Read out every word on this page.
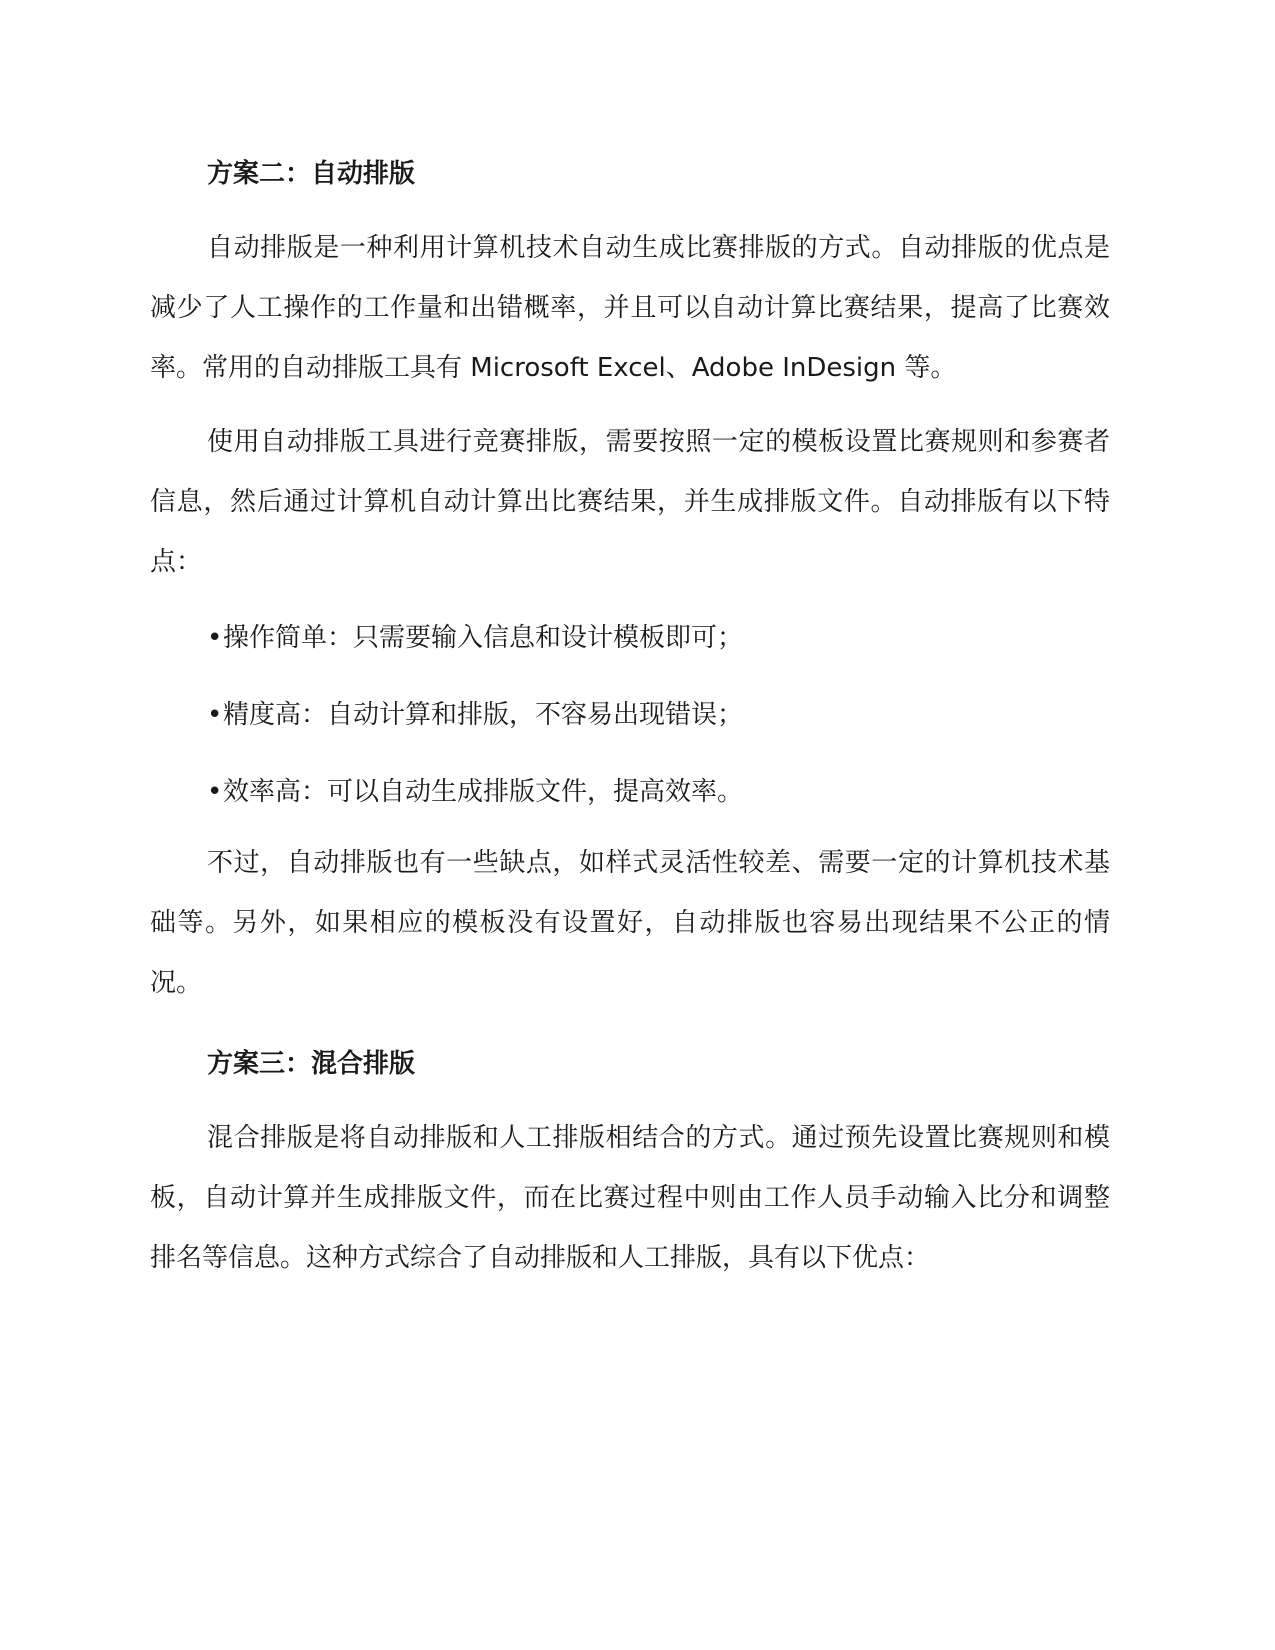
方案二：自动排版

自动排版是一种利用计算机技术自动生成比赛排版的方式。自动排版的优点是减少了人工操作的工作量和出错概率，并且可以自动计算比赛结果，提高了比赛效率。常用的自动排版工具有 Microsoft Excel、Adobe InDesign 等。

使用自动排版工具进行竞赛排版，需要按照一定的模板设置比赛规则和参赛者信息，然后通过计算机自动计算出比赛结果，并生成排版文件。自动排版有以下特点：

•操作简单：只需要输入信息和设计模板即可；
•精度高：自动计算和排版，不容易出现错误；
•效率高：可以自动生成排版文件，提高效率。

不过，自动排版也有一些缺点，如样式灵活性较差、需要一定的计算机技术基础等。另外，如果相应的模板没有设置好，自动排版也容易出现结果不公正的情况。

方案三：混合排版

混合排版是将自动排版和人工排版相结合的方式。通过预先设置比赛规则和模板，自动计算并生成排版文件，而在比赛过程中则由工作人员手动输入比分和调整排名等信息。这种方式综合了自动排版和人工排版，具有以下优点：
